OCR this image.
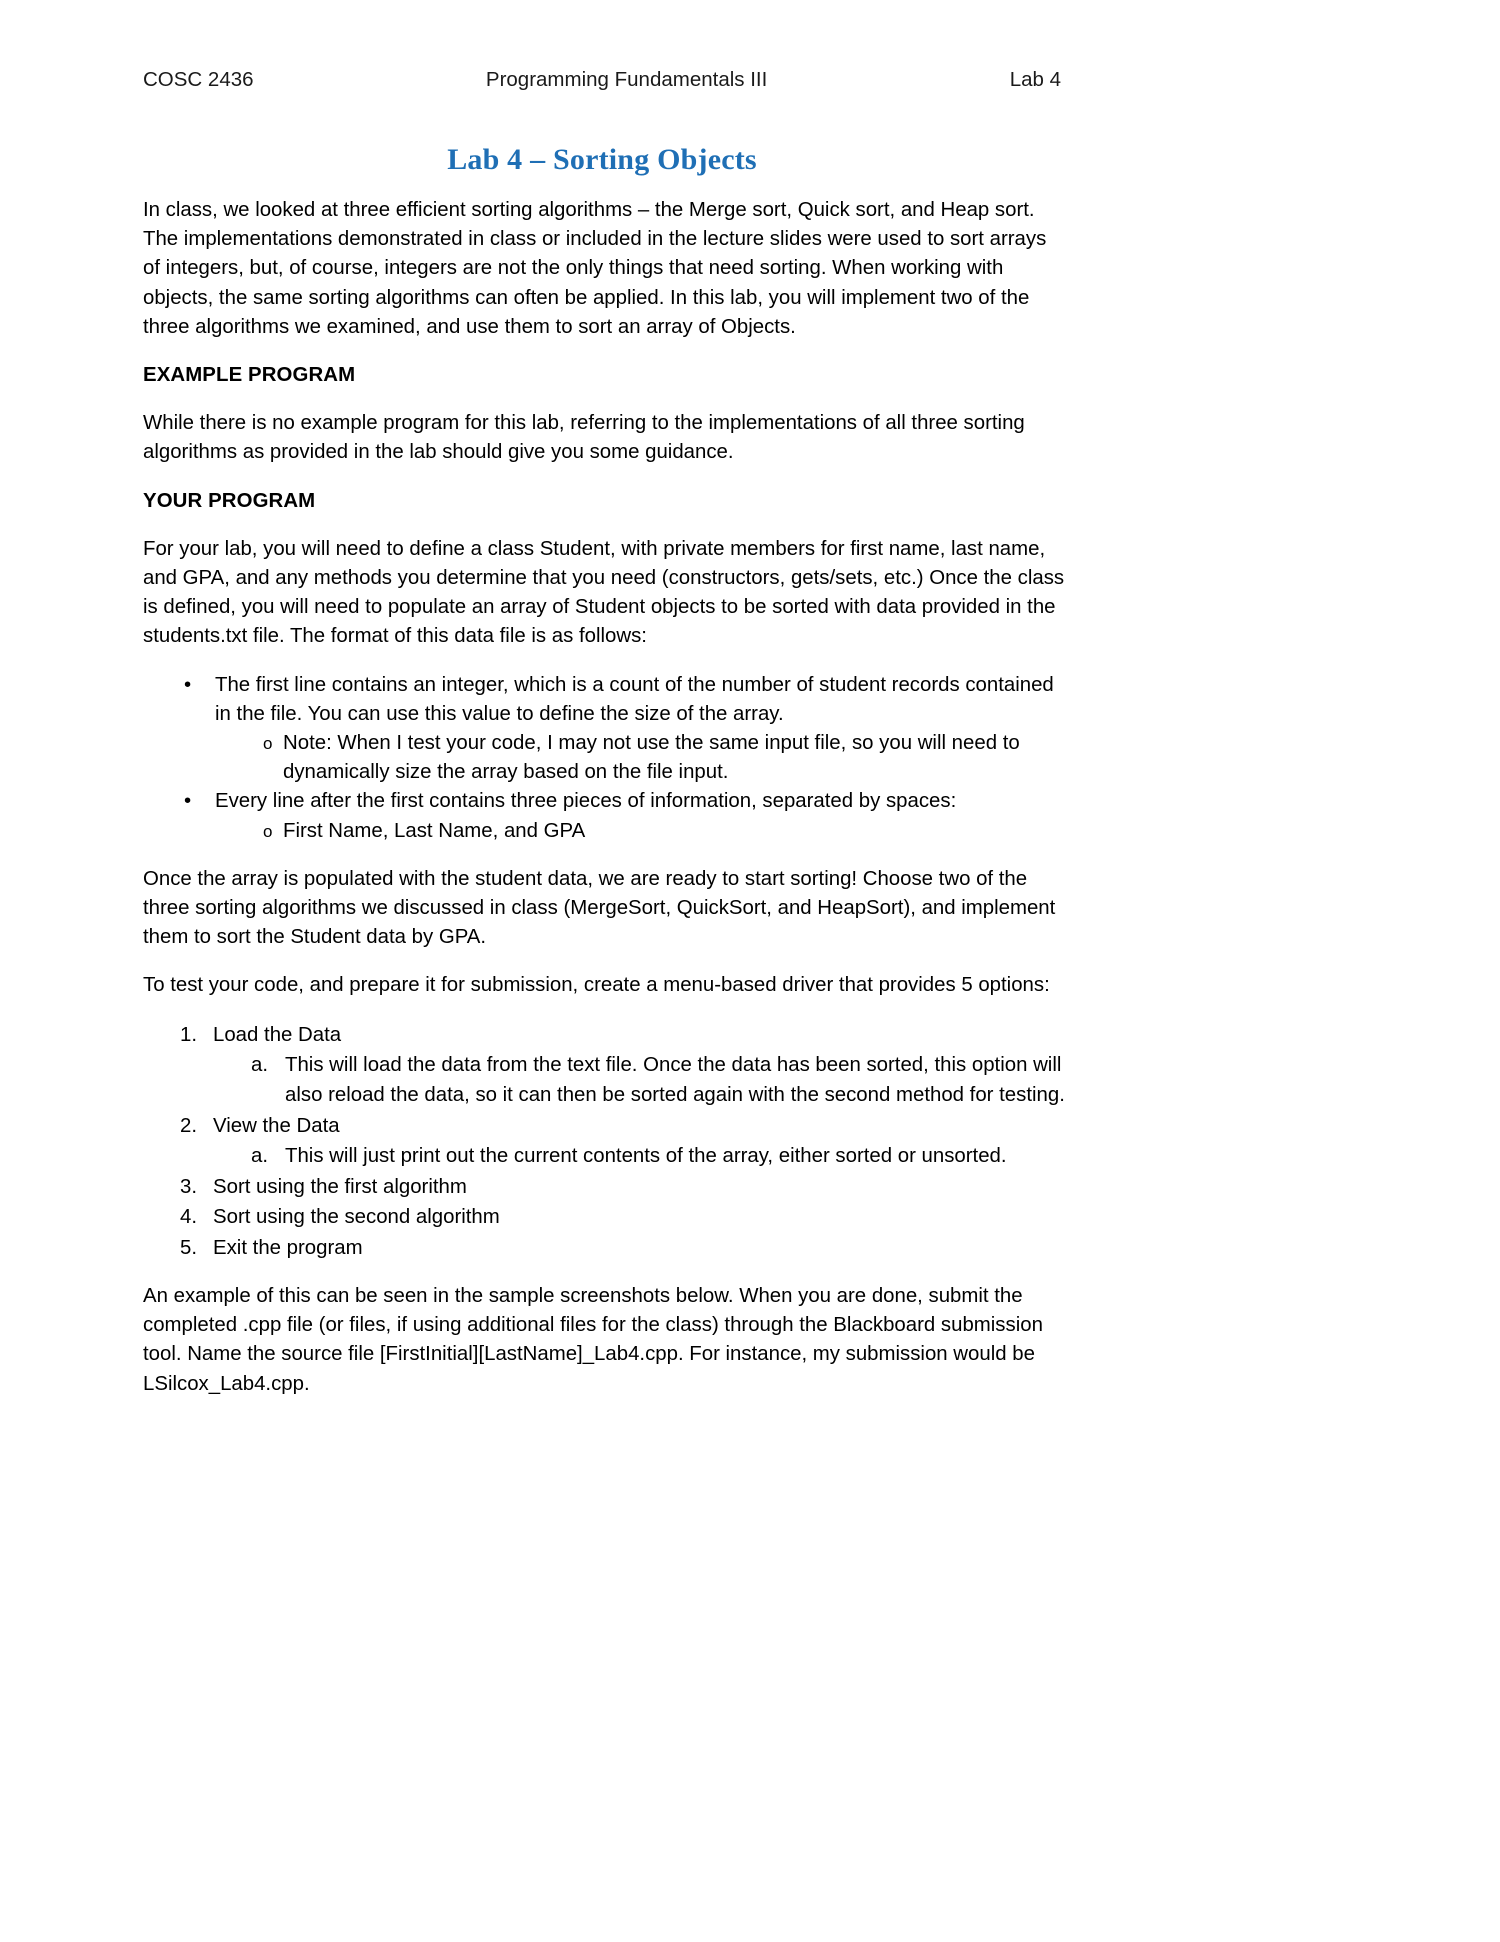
COSC 2436	Programming Fundamentals III	Lab 4
Lab 4 – Sorting Objects

In class, we looked at three efficient sorting algorithms – the Merge sort, Quick sort, and Heap sort. The implementations demonstrated in class or included in the lecture slides were used to sort arrays of integers, but, of course, integers are not the only things that need sorting. When working with objects, the same sorting algorithms can often be applied. In this lab, you will implement two of the three algorithms we examined, and use them to sort an array of Objects.

EXAMPLE PROGRAM

While there is no example program for this lab, referring to the implementations of all three sorting algorithms as provided in the lab should give you some guidance.

YOUR PROGRAM

For your lab, you will need to define a class Student, with private members for first name, last name, and GPA, and any methods you determine that you need (constructors, gets/sets, etc.) Once the class is defined, you will need to populate an array of Student objects to be sorted with data provided in the students.txt file. The format of this data file is as follows:

•	The first line contains an integer, which is a count of the number of student records contained in the file. You can use this value to define the size of the array.
o Note: When I test your code, I may not use the same input file, so you will need to dynamically size the array based on the file input.
•	Every line after the first contains three pieces of information, separated by spaces:
o First Name, Last Name, and GPA

Once the array is populated with the student data, we are ready to start sorting! Choose two of the three sorting algorithms we discussed in class (MergeSort, QuickSort, and HeapSort), and implement them to sort the Student data by GPA.

To test your code, and prepare it for submission, create a menu-based driver that provides 5 options:

1. Load the Data
a. This will load the data from the text file. Once the data has been sorted, this option will also reload the data, so it can then be sorted again with the second method for testing.
2. View the Data
a. This will just print out the current contents of the array, either sorted or unsorted.
3. Sort using the first algorithm
4. Sort using the second algorithm
5. Exit the program

An example of this can be seen in the sample screenshots below. When you are done, submit the completed .cpp file (or files, if using additional files for the class) through the Blackboard submission tool. Name the source file [FirstInitial][LastName]_Lab4.cpp. For instance, my submission would be LSilcox_Lab4.cpp.
